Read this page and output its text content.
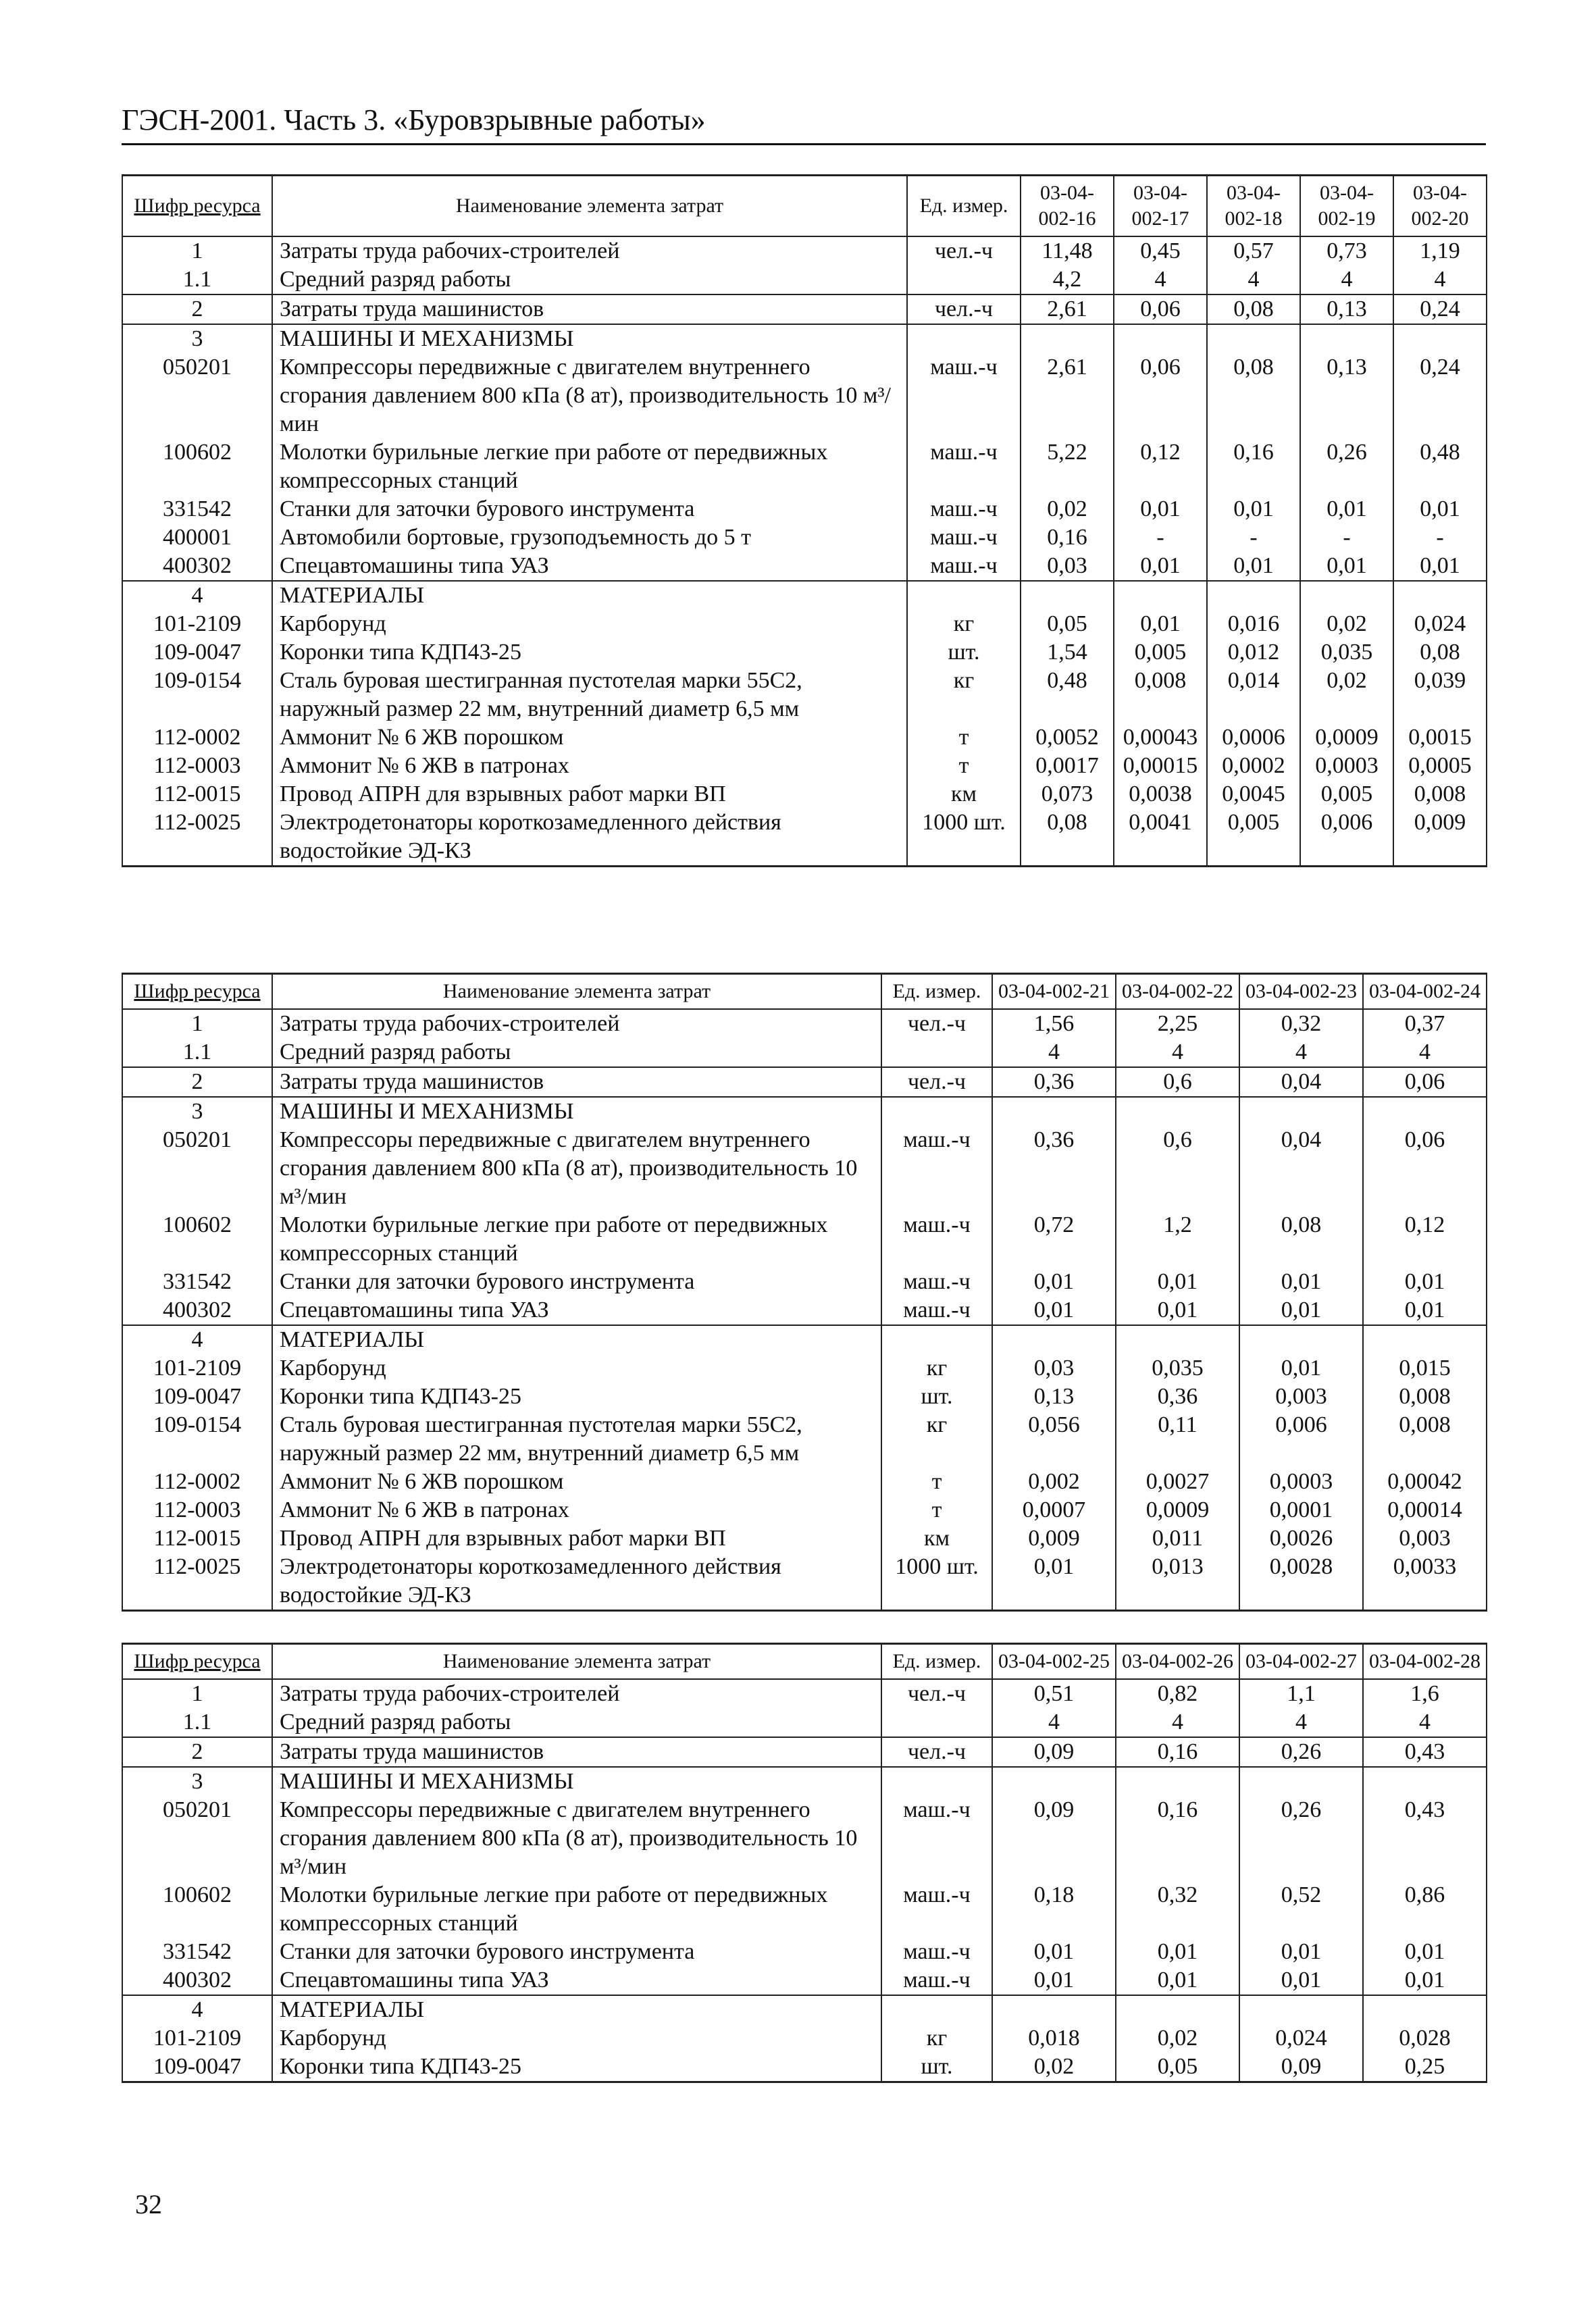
ГЭСН-2001. Часть 3. «Буровзрывные работы»
Шифр ресурса	Наименование элемента затрат	Ед. измер.	03-04-002-16	03-04-002-17	03-04-002-18	03-04-002-19	03-04-002-20
1	Затраты труда рабочих-строителей	чел.-ч	11,48	0,45	0,57	0,73	1,19
1.1	Средний разряд работы		4,2	4	4	4	4
2	Затраты труда машинистов	чел.-ч	2,61	0,06	0,08	0,13	0,24
3	МАШИНЫ И МЕХАНИЗМЫ						
050201	Компрессоры передвижные с двигателем внутреннего сгорания давлением 800 кПа (8 ат), производительность 10 м³/мин	маш.-ч	2,61	0,06	0,08	0,13	0,24
100602	Молотки бурильные легкие при работе от передвижных компрессорных станций	маш.-ч	5,22	0,12	0,16	0,26	0,48
331542	Станки для заточки бурового инструмента	маш.-ч	0,02	0,01	0,01	0,01	0,01
400001	Автомобили бортовые, грузоподъемность до 5 т	маш.-ч	0,16	-	-	-	-
400302	Спецавтомашины типа УАЗ	маш.-ч	0,03	0,01	0,01	0,01	0,01
4	МАТЕРИАЛЫ						
101-2109	Карборунд	кг	0,05	0,01	0,016	0,02	0,024
109-0047	Коронки типа КДП43-25	шт.	1,54	0,005	0,012	0,035	0,08
109-0154	Сталь буровая шестигранная пустотелая марки 55С2, наружный размер 22 мм, внутренний диаметр 6,5 мм	кг	0,48	0,008	0,014	0,02	0,039
112-0002	Аммонит № 6 ЖВ порошком	т	0,0052	0,00043	0,0006	0,0009	0,0015
112-0003	Аммонит № 6 ЖВ в патронах	т	0,0017	0,00015	0,0002	0,0003	0,0005
112-0015	Провод АПРН для взрывных работ марки ВП	км	0,073	0,0038	0,0045	0,005	0,008
112-0025	Электродетонаторы короткозамедленного действия водостойкие ЭД-КЗ	1000 шт.	0,08	0,0041	0,005	0,006	0,009
Шифр ресурса	Наименование элемента затрат	Ед. измер.	03-04-002-21	03-04-002-22	03-04-002-23	03-04-002-24
1	Затраты труда рабочих-строителей	чел.-ч	1,56	2,25	0,32	0,37
1.1	Средний разряд работы		4	4	4	4
2	Затраты труда машинистов	чел.-ч	0,36	0,6	0,04	0,06
3	МАШИНЫ И МЕХАНИЗМЫ					
050201	Компрессоры передвижные с двигателем внутреннего сгорания давлением 800 кПа (8 ат), производительность 10 м³/мин	маш.-ч	0,36	0,6	0,04	0,06
100602	Молотки бурильные легкие при работе от передвижных компрессорных станций	маш.-ч	0,72	1,2	0,08	0,12
331542	Станки для заточки бурового инструмента	маш.-ч	0,01	0,01	0,01	0,01
400302	Спецавтомашины типа УАЗ	маш.-ч	0,01	0,01	0,01	0,01
4	МАТЕРИАЛЫ					
101-2109	Карборунд	кг	0,03	0,035	0,01	0,015
109-0047	Коронки типа КДП43-25	шт.	0,13	0,36	0,003	0,008
109-0154	Сталь буровая шестигранная пустотелая марки 55С2, наружный размер 22 мм, внутренний диаметр 6,5 мм	кг	0,056	0,11	0,006	0,008
112-0002	Аммонит № 6 ЖВ порошком	т	0,002	0,0027	0,0003	0,00042
112-0003	Аммонит № 6 ЖВ в патронах	т	0,0007	0,0009	0,0001	0,00014
112-0015	Провод АПРН для взрывных работ марки ВП	км	0,009	0,011	0,0026	0,003
112-0025	Электродетонаторы короткозамедленного действия водостойкие ЭД-КЗ	1000 шт.	0,01	0,013	0,0028	0,0033
Шифр ресурса	Наименование элемента затрат	Ед. измер.	03-04-002-25	03-04-002-26	03-04-002-27	03-04-002-28
1	Затраты труда рабочих-строителей	чел.-ч	0,51	0,82	1,1	1,6
1.1	Средний разряд работы		4	4	4	4
2	Затраты труда машинистов	чел.-ч	0,09	0,16	0,26	0,43
3	МАШИНЫ И МЕХАНИЗМЫ					
050201	Компрессоры передвижные с двигателем внутреннего сгорания давлением 800 кПа (8 ат), производительность 10 м³/мин	маш.-ч	0,09	0,16	0,26	0,43
100602	Молотки бурильные легкие при работе от передвижных компрессорных станций	маш.-ч	0,18	0,32	0,52	0,86
331542	Станки для заточки бурового инструмента	маш.-ч	0,01	0,01	0,01	0,01
400302	Спецавтомашины типа УАЗ	маш.-ч	0,01	0,01	0,01	0,01
4	МАТЕРИАЛЫ					
101-2109	Карборунд	кг	0,018	0,02	0,024	0,028
109-0047	Коронки типа КДП43-25	шт.	0,02	0,05	0,09	0,25
32
